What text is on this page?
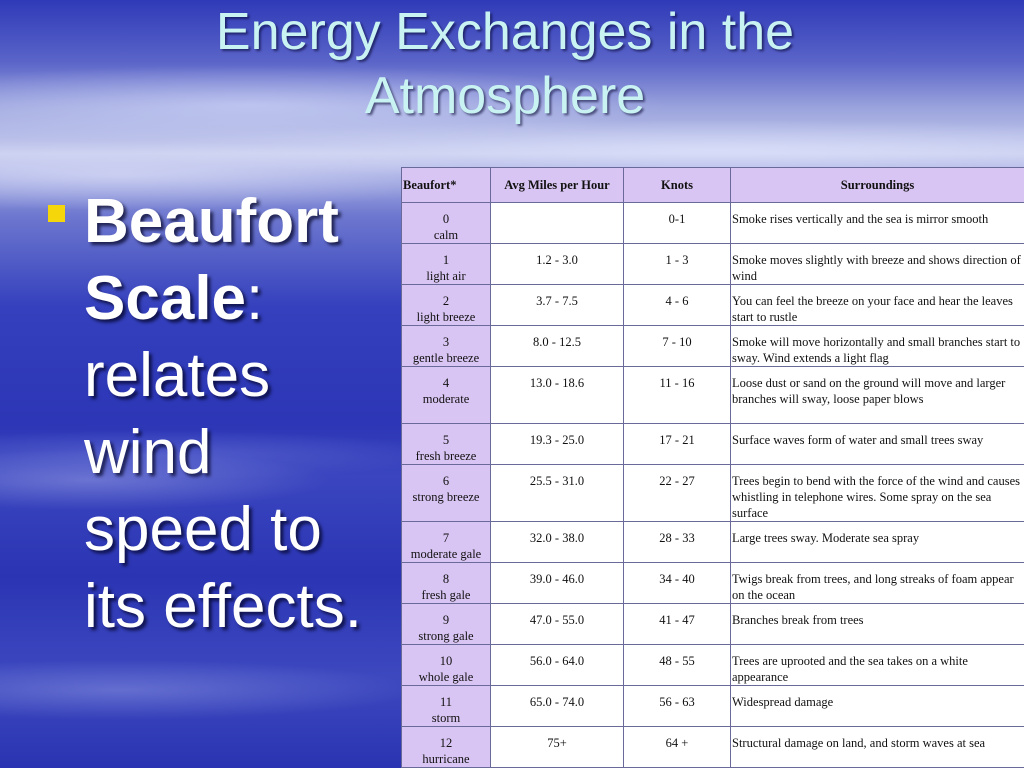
Energy Exchanges in the
Atmosphere
Beaufort Scale: relates wind speed to its effects.
Beaufort*	Avg Miles per Hour	Knots	Surroundings

0
calm		0-1	Smoke rises vertically and the sea is mirror smooth

1
light air	1.2 - 3.0	1 - 3	Smoke moves slightly with breeze and shows direction of wind

2
light breeze	3.7 - 7.5	4 - 6	You can feel the breeze on your face and hear the leaves start to rustle

3
gentle breeze	8.0 - 12.5	7 - 10	Smoke will move horizontally and small branches start to sway. Wind extends a light flag

4
moderate	13.0 - 18.6	11 - 16	Loose dust or sand on the ground will move and larger branches will sway, loose paper blows

5
fresh breeze	19.3 - 25.0	17 - 21	Surface waves form of water and small trees sway

6
strong breeze	25.5 - 31.0	22 - 27	Trees begin to bend with the force of the wind and causes whistling in telephone wires. Some spray on the sea surface

7
moderate gale	32.0 - 38.0	28 - 33	Large trees sway. Moderate sea spray

8
fresh gale	39.0 - 46.0	34 - 40	Twigs break from trees, and long streaks of foam appear on the ocean

9
strong gale	47.0 - 55.0	41 - 47	Branches break from trees

10
whole gale	56.0 - 64.0	48 - 55	Trees are uprooted and the sea takes on a white appearance

11
storm	65.0 - 74.0	56 - 63	Widespread damage

12
hurricane	75+	64 +	Structural damage on land, and storm waves at sea
